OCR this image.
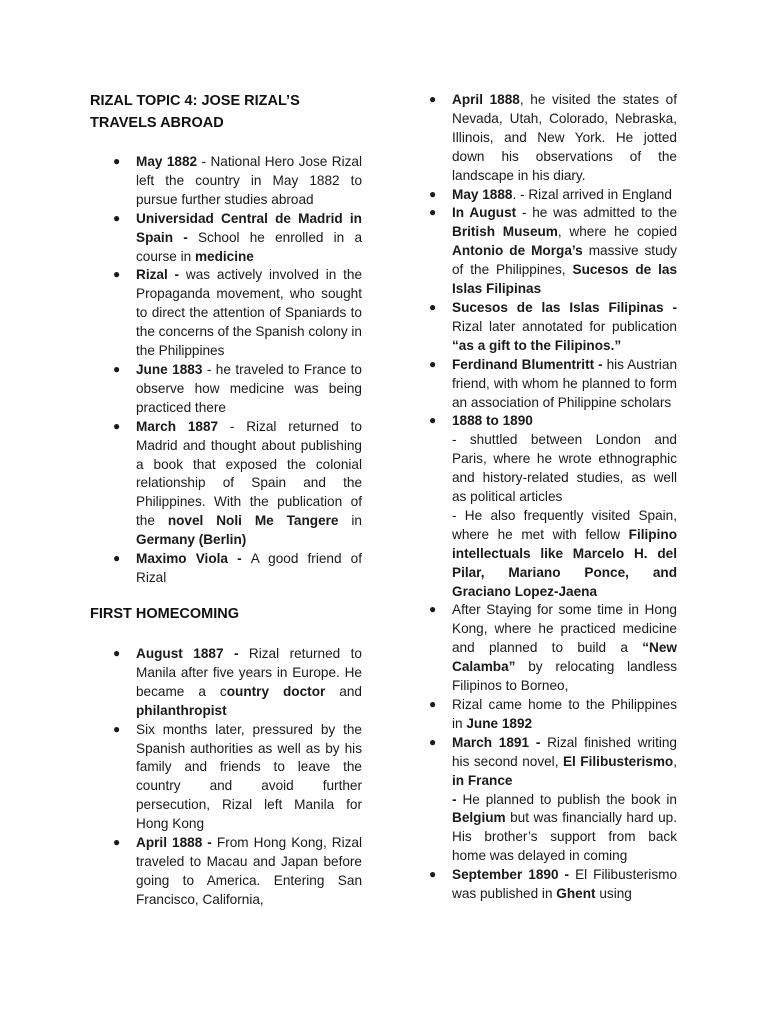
RIZAL TOPIC 4: JOSE RIZAL’S TRAVELS ABROAD
● May 1882 - National Hero Jose Rizal left the country in May 1882 to pursue further studies abroad
● Universidad Central de Madrid in Spain - School he enrolled in a course in medicine
● Rizal - was actively involved in the Propaganda movement, who sought to direct the attention of Spaniards to the concerns of the Spanish colony in the Philippines
● June 1883 - he traveled to France to observe how medicine was being practiced there
● March 1887 - Rizal returned to Madrid and thought about publishing a book that exposed the colonial relationship of Spain and the Philippines. With the publication of the novel Noli Me Tangere in Germany (Berlin)
● Maximo Viola - A good friend of Rizal
FIRST HOMECOMING
● August 1887 - Rizal returned to Manila after five years in Europe. He became a country doctor and philanthropist
● Six months later, pressured by the Spanish authorities as well as by his family and friends to leave the country and avoid further persecution, Rizal left Manila for Hong Kong
● April 1888 - From Hong Kong, Rizal traveled to Macau and Japan before going to America. Entering San Francisco, California,
● April 1888, he visited the states of Nevada, Utah, Colorado, Nebraska, Illinois, and New York. He jotted down his observations of the landscape in his diary.
● May 1888. - Rizal arrived in England
● In August - he was admitted to the British Museum, where he copied Antonio de Morga’s massive study of the Philippines, Sucesos de las Islas Filipinas
● Sucesos de las Islas Filipinas - Rizal later annotated for publication “as a gift to the Filipinos.”
● Ferdinand Blumentritt - his Austrian friend, with whom he planned to form an association of Philippine scholars
● 1888 to 1890
- shuttled between London and Paris, where he wrote ethnographic and history-related studies, as well as political articles
- He also frequently visited Spain, where he met with fellow Filipino intellectuals like Marcelo H. del Pilar, Mariano Ponce, and Graciano Lopez-Jaena
● After Staying for some time in Hong Kong, where he practiced medicine and planned to build a “New Calamba” by relocating landless Filipinos to Borneo,
● Rizal came home to the Philippines in June 1892
● March 1891 - Rizal finished writing his second novel, El Filibusterismo, in France
- He planned to publish the book in Belgium but was financially hard up. His brother’s support from back home was delayed in coming
● September 1890 - El Filibusterismo was published in Ghent using
